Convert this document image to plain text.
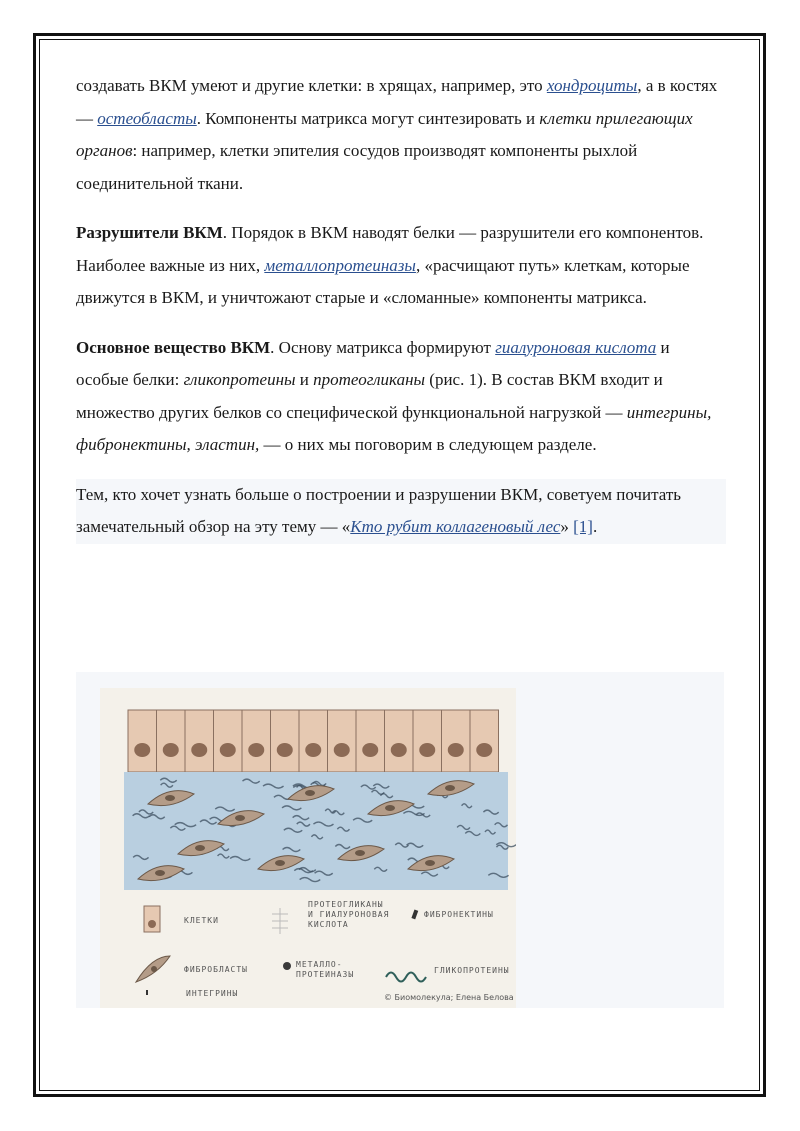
создавать ВКМ умеют и другие клетки: в хрящах, например, это хондроциты, а в костях — остеобласты. Компоненты матрикса могут синтезировать и клетки прилегающих органов: например, клетки эпителия сосудов производят компоненты рыхлой соединительной ткани.

Разрушители ВКМ. Порядок в ВКМ наводят белки — разрушители его компонентов. Наиболее важные из них, металлопротеиназы, «расчищают путь» клеткам, которые движутся в ВКМ, и уничтожают старые и «сломанные» компоненты матрикса.

Основное вещество ВКМ. Основу матрикса формируют гиалуроновая кислота и особые белки: гликопротеины и протеогликаны (рис. 1). В состав ВКМ входит и множество других белков со специфической функциональной нагрузкой — интегрины, фибронектины, эластин, — о них мы поговорим в следующем разделе.

Тем, кто хочет узнать больше о построении и разрушении ВКМ, советуем почитать замечательный обзор на эту тему — «Кто рубит коллагеновый лес» [1].

КЛЕТКИ
ПРОТЕОГЛИКАНЫ
И ГИАЛУРОНОВАЯ
КИСЛОТА
ФИБРОНЕКТИНЫ
ФИБРОБЛАСТЫ
МЕТАЛЛО-
ПРОТЕИНАЗЫ	ГЛИКОПРОТЕИНЫ
ИНТЕГРИНЫ	© Биомолекула; Елена Белова
